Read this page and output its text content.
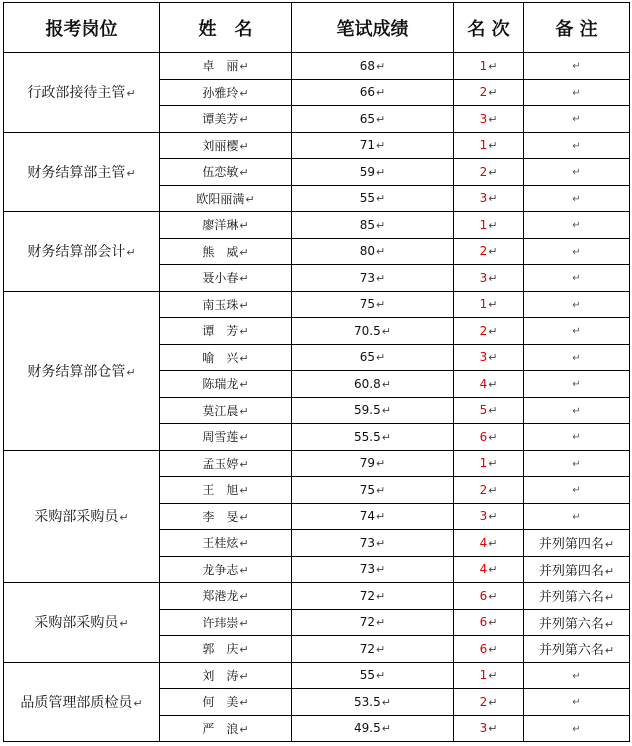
报考岗位	姓　名	笔试成绩	名 次	备 注
行政部接待主管↵	卓　丽↵	68↵	1↵	↵
	孙雅玲↵	66↵	2↵	↵
	谭美芳↵	65↵	3↵	↵
财务结算部主管↵	刘丽樱↵	71↵	1↵	↵
	伍恋敏↵	59↵	2↵	↵
	欧阳丽满↵	55↵	3↵	↵
财务结算部会计↵	廖洋琳↵	85↵	1↵	↵
	熊　威↵	80↵	2↵	↵
	聂小春↵	73↵	3↵	↵
财务结算部仓管↵	南玉珠↵	75↵	1↵	↵
	谭　芳↵	70.5↵	2↵	↵
	喻　兴↵	65↵	3↵	↵
	陈瑞龙↵	60.8↵	4↵	↵
	莫江晨↵	59.5↵	5↵	↵
	周雪莲↵	55.5↵	6↵	↵
采购部采购员↵	孟玉婷↵	79↵	1↵	↵
	王　旭↵	75↵	2↵	↵
	李　旻↵	74↵	3↵	↵
	王桂炫↵	73↵	4↵	并列第四名↵
	龙争志↵	73↵	4↵	并列第四名↵
采购部采购员↵	郑港龙↵	72↵	6↵	并列第六名↵
	许玮崇↵	72↵	6↵	并列第六名↵
	郭　庆↵	72↵	6↵	并列第六名↵
品质管理部质检员↵	刘　涛↵	55↵	1↵	↵
	何　美↵	53.5↵	2↵	↵
	严　浪↵	49.5↵	3↵	↵
